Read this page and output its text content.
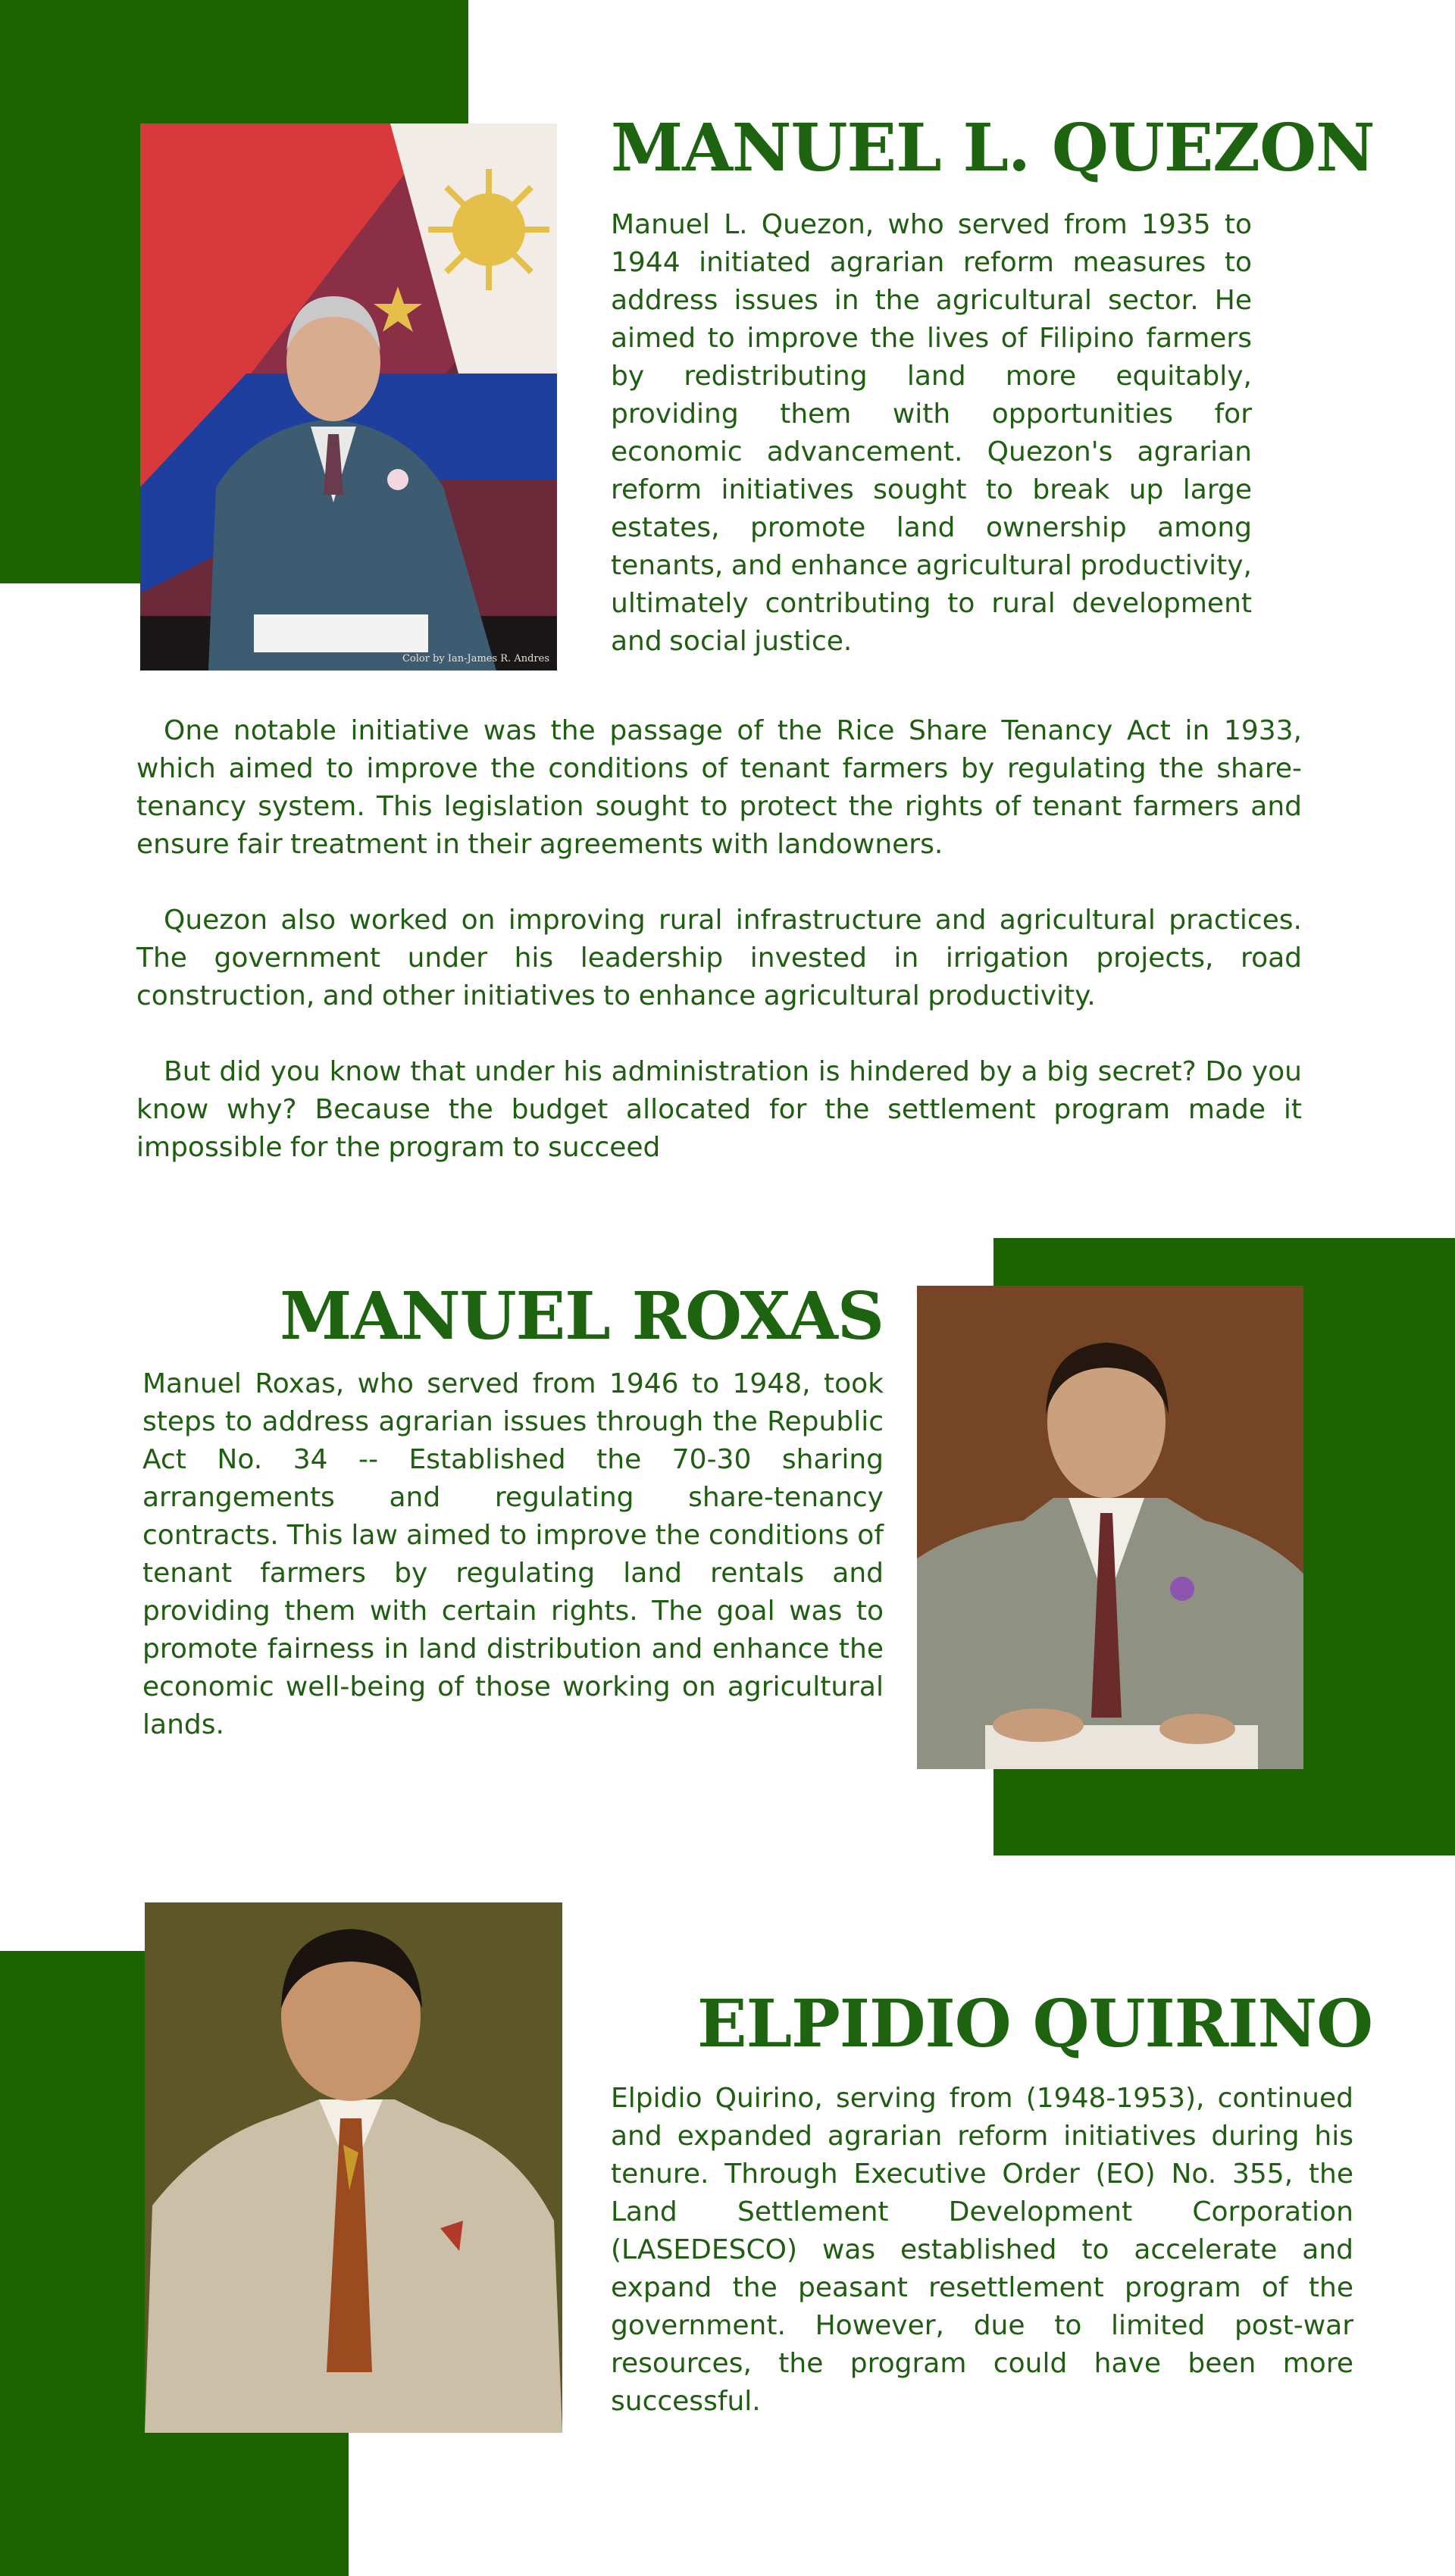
Color by Ian-James R. Andres
MANUEL L. QUEZON

Manuel L. Quezon, who served from 1935 to 1944 initiated agrarian reform measures to address issues in the agricultural sector. He aimed to improve the lives of Filipino farmers by redistributing land more equitably, providing them with opportunities for economic advancement. Quezon's agrarian reform initiatives sought to break up large estates, promote land ownership among tenants, and enhance agricultural productivity, ultimately contributing to rural development and social justice.

One notable initiative was the passage of the Rice Share Tenancy Act in 1933, which aimed to improve the conditions of tenant farmers by regulating the share-tenancy system. This legislation sought to protect the rights of tenant farmers and ensure fair treatment in their agreements with landowners.

Quezon also worked on improving rural infrastructure and agricultural practices. The government under his leadership invested in irrigation projects, road construction, and other initiatives to enhance agricultural productivity.

But did you know that under his administration is hindered by a big secret? Do you know why? Because the budget allocated for the settlement program made it impossible for the program to succeed

MANUEL ROXAS

Manuel Roxas, who served from 1946 to 1948, took steps to address agrarian issues through the Republic Act No. 34 -- Established the 70-30 sharing arrangements and regulating share-tenancy contracts. This law aimed to improve the conditions of tenant farmers by regulating land rentals and providing them with certain rights. The goal was to promote fairness in land distribution and enhance the economic well-being of those working on agricultural lands.

ELPIDIO QUIRINO

Elpidio Quirino, serving from (1948-1953), continued and expanded agrarian reform initiatives during his tenure. Through Executive Order (EO) No. 355, the Land Settlement Development Corporation (LASEDESCO) was established to accelerate and expand the peasant resettlement program of the government. However, due to limited post-war resources, the program could have been more successful.
